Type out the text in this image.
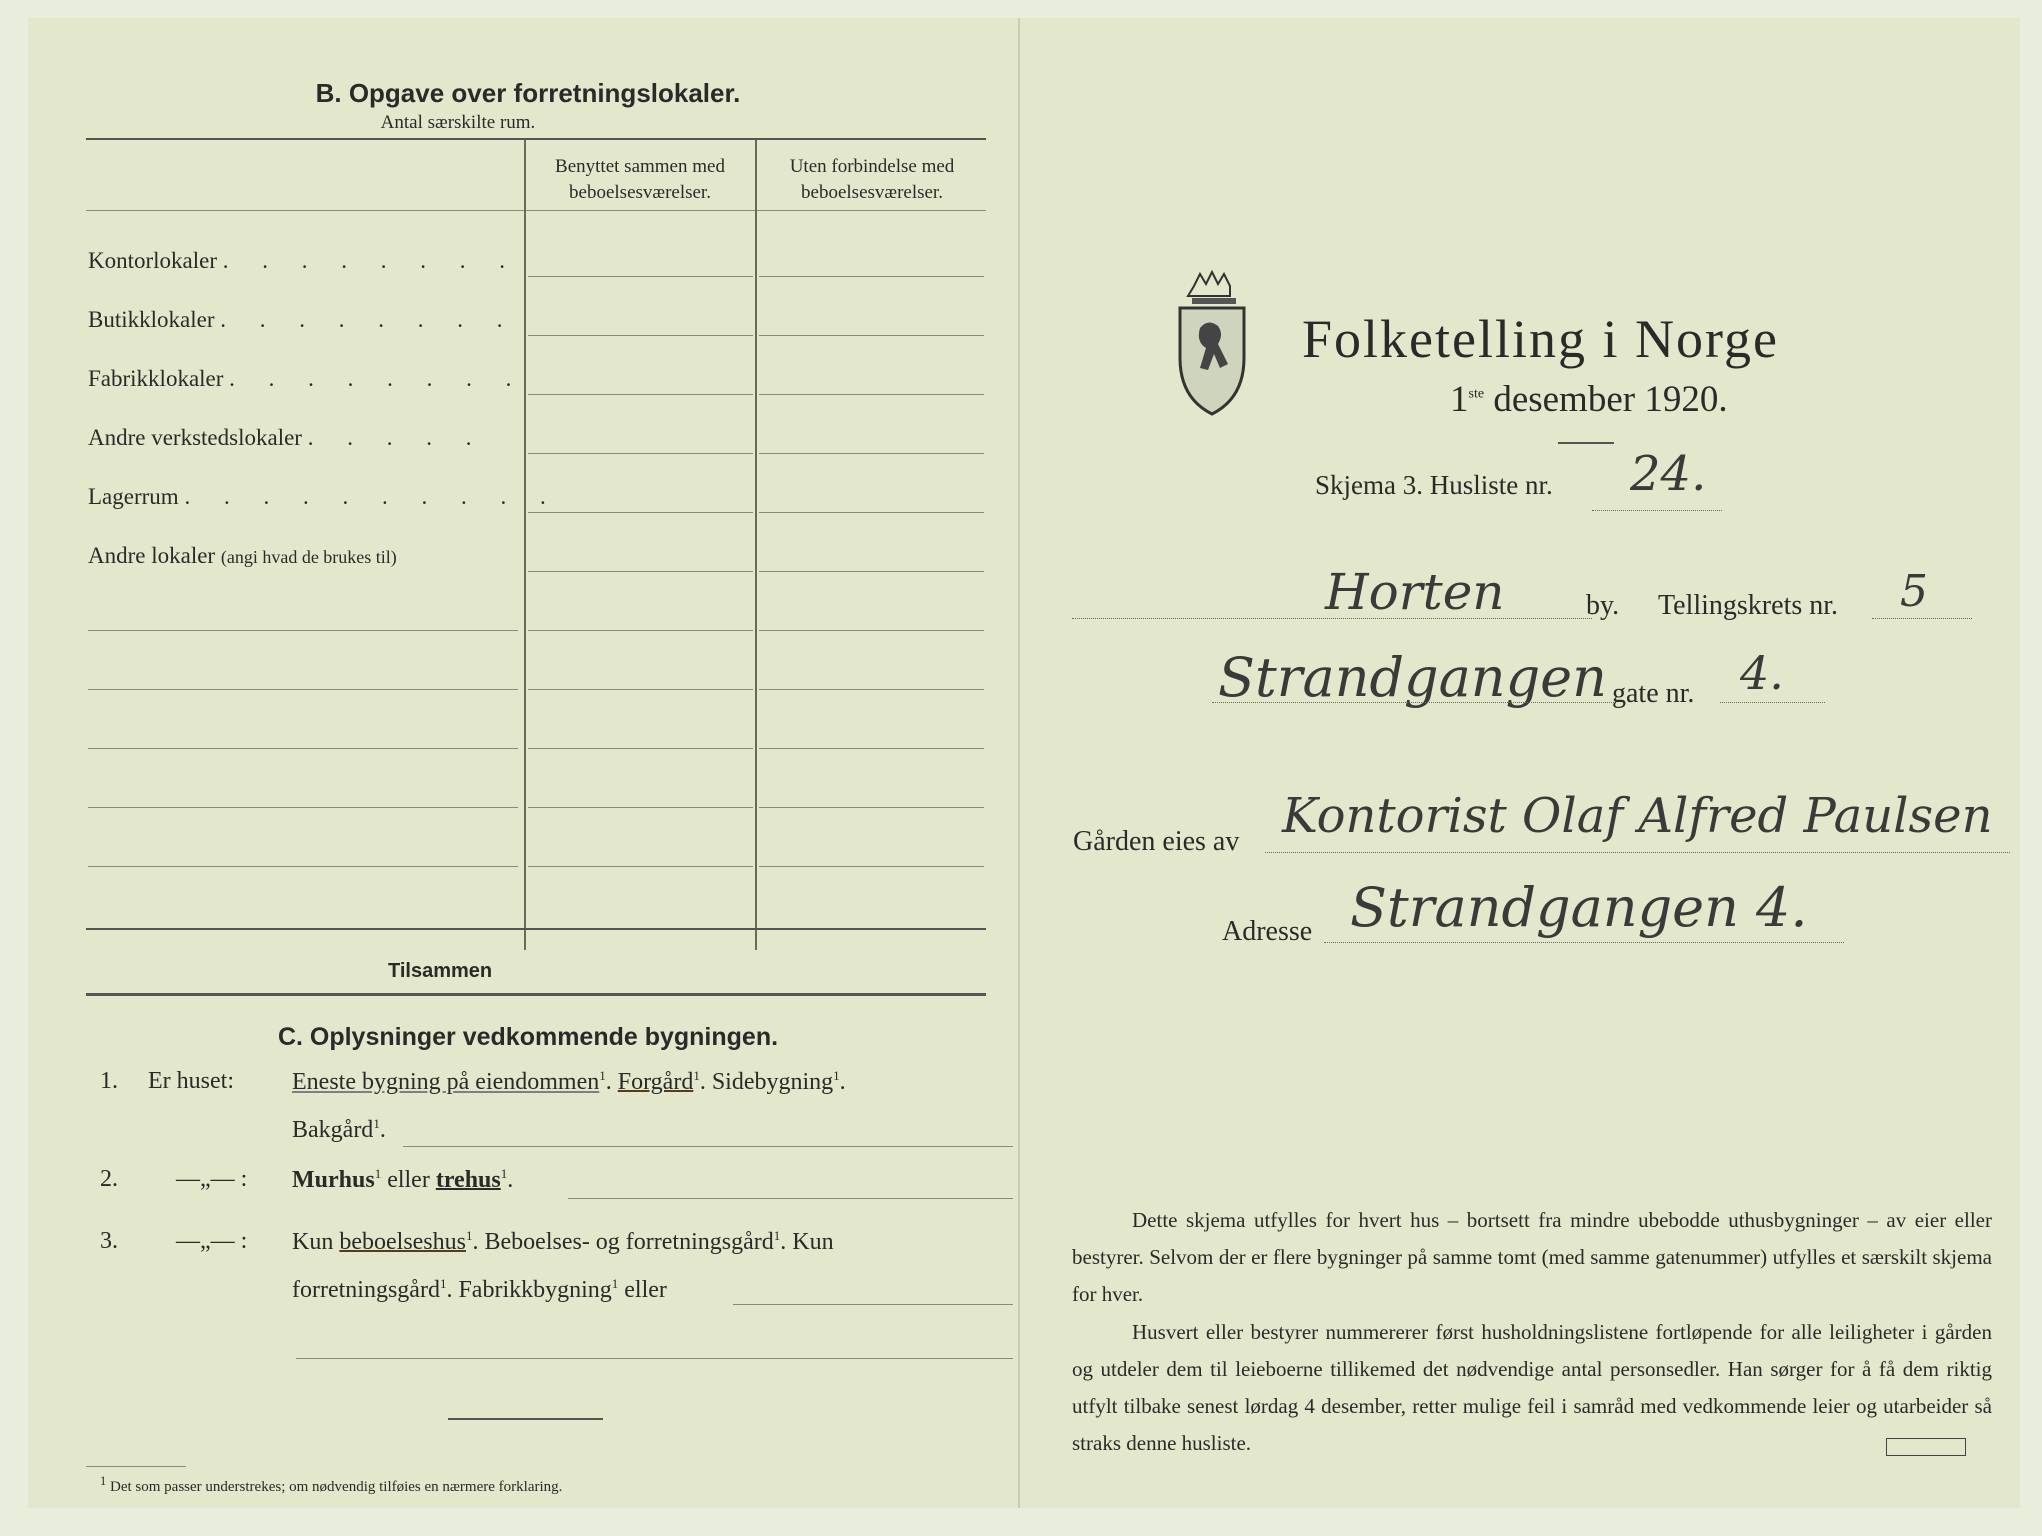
B. Opgave over forretningslokaler.
Antal særskilte rum.
Benyttet sammen med
beboelsesværelser.
Uten forbindelse med
beboelsesværelser.
Kontorlokaler . . . . . . . .
Butikklokaler . . . . . . . .
Fabrikklokaler . . . . . . . .
Andre verkstedslokaler . . . . .
Lagerrum . . . . . . . . . .
Andre lokaler (angi hvad de brukes til)
Tilsammen
C. Oplysninger vedkommende bygningen.
1. Er huset: Eneste bygning på eiendommen$^1$. Forgård$^1$. Sidebygning$^1$.
Bakgård$^1$.
2. —„— : Murhus$^1$ eller trehus$^1$.
3. —„— : Kun beboelseshus$^1$. Beboelses- og forretningsgård$^1$. Kun
forretningsgård$^1$. Fabrikkbygning$^1$ eller
$^1$ Det som passer understrekes; om nødvendig tilføies en nærmere forklaring.
Folketelling i Norge
1ste desember 1920.
Skjema 3. Husliste nr. 24.
Horten	by. Tellingskrets nr. 5
Strandgangen gate nr. 4.
Gården eies av Kontorist Olaf Alfred Paulsen
Adresse Strandgangen 4.
Dette skjema utfylles for hvert hus – bortsett fra mindre ubebodde uthusbygninger – av eier eller bestyrer. Selvom der er flere bygninger på samme tomt (med samme gatenummer) utfylles et særskilt skjema for hver.
Husvert eller bestyrer nummererer først husholdningslistene fortløpende for alle leiligheter i gården og utdeler dem til leieboerne tillikemed det nødvendige antal personsedler. Han sørger for å få dem riktig utfylt tilbake senest lørdag 4 desember, retter mulige feil i samråd med vedkommende leier og utarbeider så straks denne husliste.
